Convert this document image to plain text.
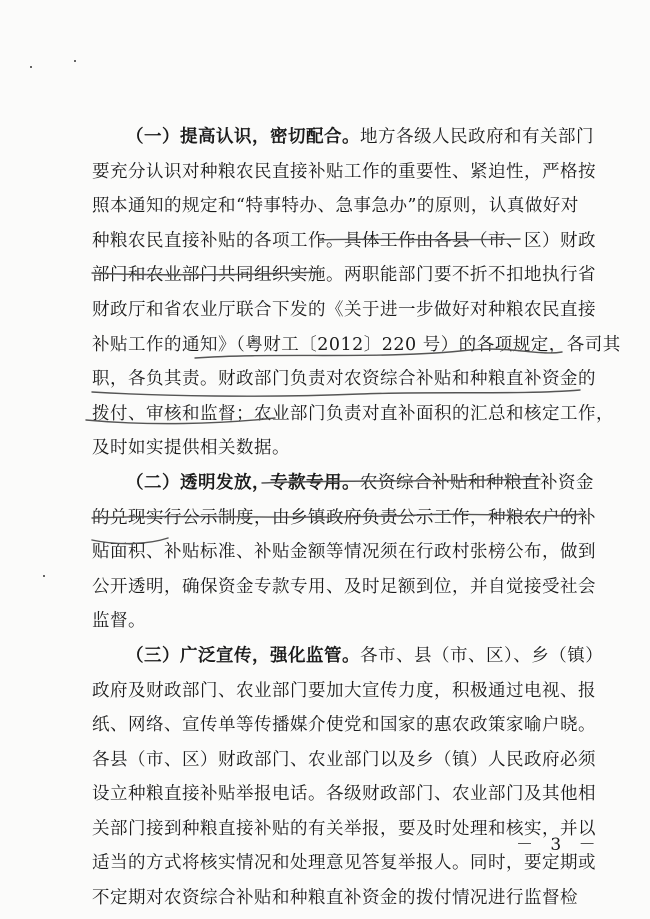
（一）提高认识，密切配合。地方各级人民政府和有关部门
要充分认识对种粮农民直接补贴工作的重要性、紧迫性，严格按
照本通知的规定和“特事特办、急事急办”的原则，认真做好对
种粮农民直接补贴的各项工作。具体工作由各县（市、区）财政
部门和农业部门共同组织实施。两职能部门要不折不扣地执行省
财政厅和省农业厅联合下发的《关于进一步做好对种粮农民直接
补贴工作的通知》（粤财工〔2012〕220 号）的各项规定，各司其
职，各负其责。财政部门负责对农资综合补贴和种粮直补资金的
拨付、审核和监督；农业部门负责对直补面积的汇总和核定工作，
及时如实提供相关数据。

（二）透明发放，专款专用。农资综合补贴和种粮直补资金
的兑现实行公示制度，由乡镇政府负责公示工作，种粮农户的补
贴面积、补贴标准、补贴金额等情况须在行政村张榜公布，做到
公开透明，确保资金专款专用、及时足额到位，并自觉接受社会
监督。

（三）广泛宣传，强化监管。各市、县（市、区）、乡（镇）
政府及财政部门、农业部门要加大宣传力度，积极通过电视、报
纸、网络、宣传单等传播媒介使党和国家的惠农政策家喻户晓。
各县（市、区）财政部门、农业部门以及乡（镇）人民政府必须
设立种粮直接补贴举报电话。各级财政部门、农业部门及其他相
关部门接到种粮直接补贴的有关举报，要及时处理和核实，并以
适当的方式将核实情况和处理意见答复举报人。同时，要定期或
不定期对农资综合补贴和种粮直补资金的拨付情况进行监督检

－ 3 －
